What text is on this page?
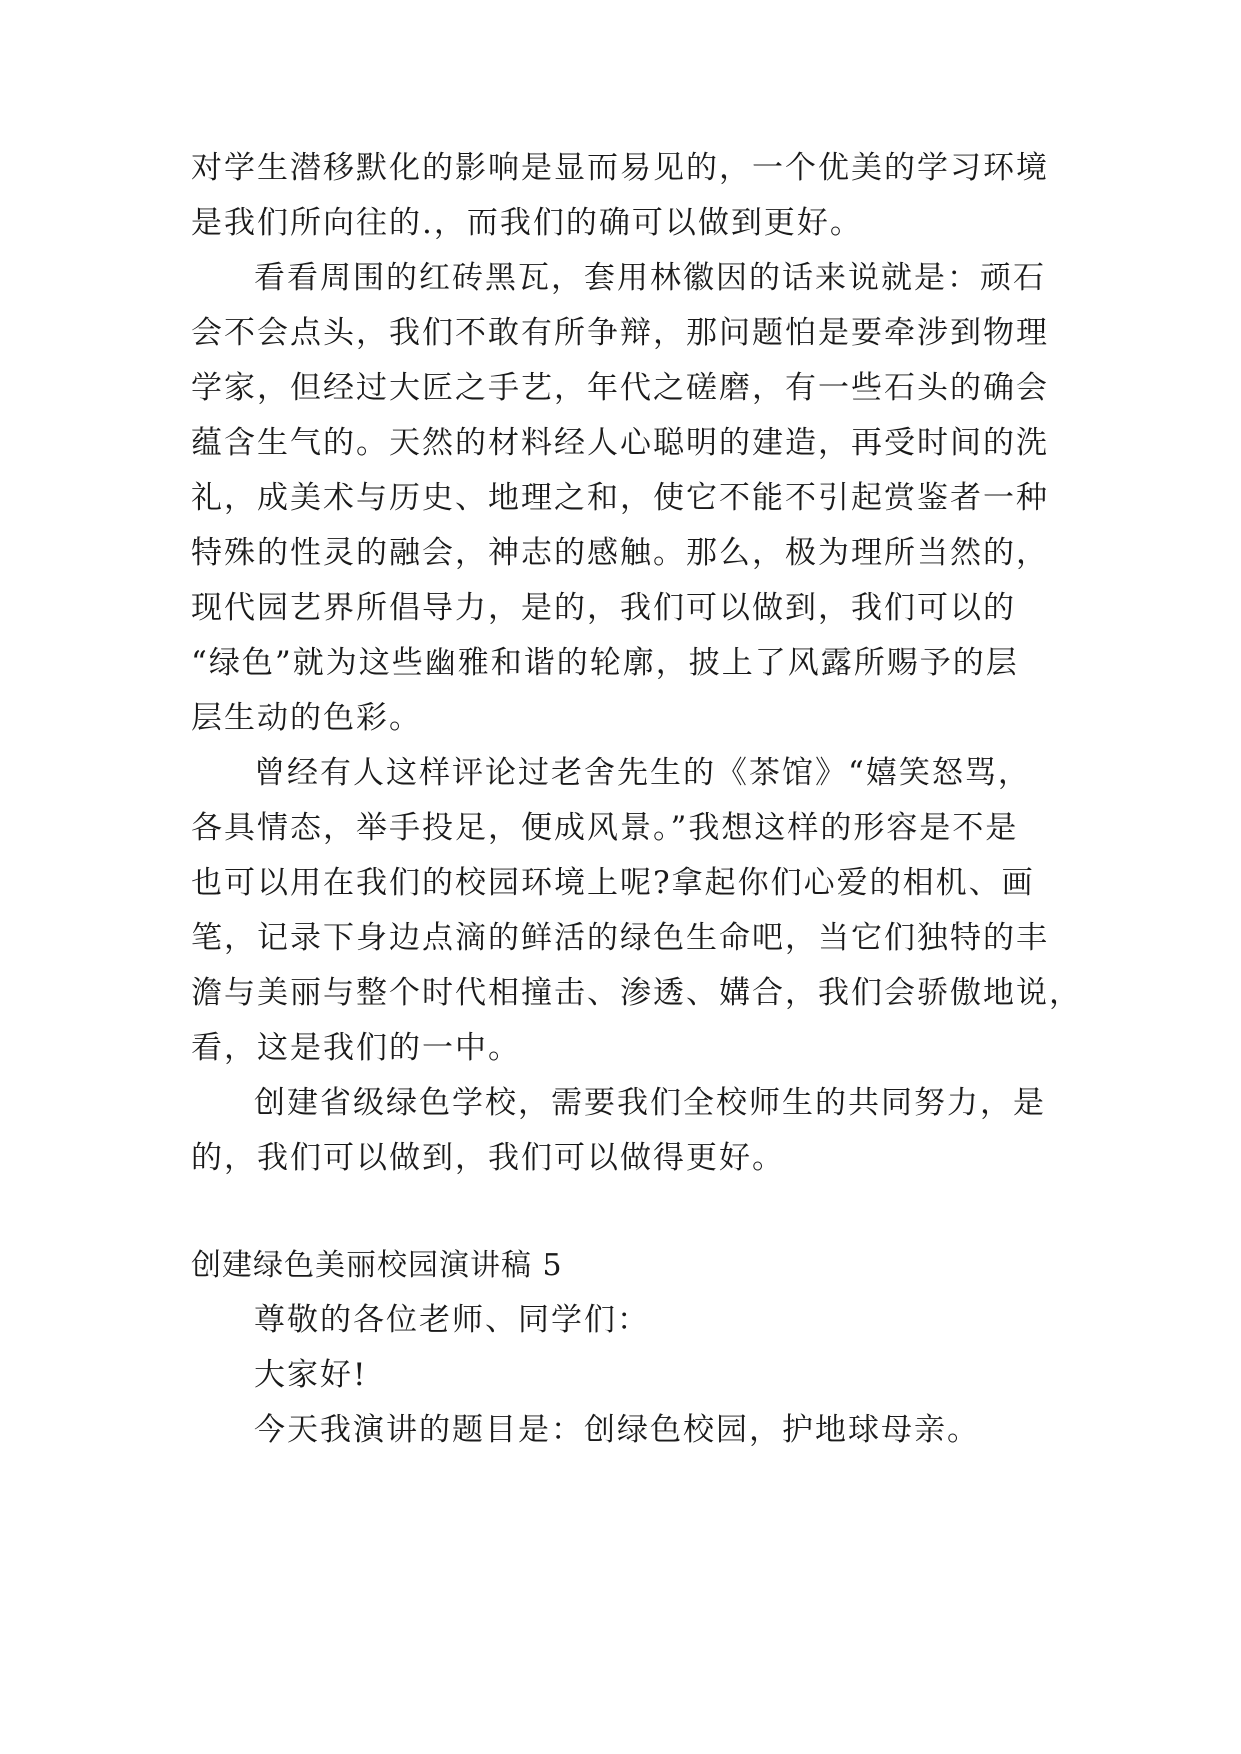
对学生潜移默化的影响是显而易见的，一个优美的学习环境
是我们所向往的.，而我们的确可以做到更好。
看看周围的红砖黑瓦，套用林徽因的话来说就是：顽石
会不会点头，我们不敢有所争辩，那问题怕是要牵涉到物理
学家，但经过大匠之手艺，年代之磋磨，有一些石头的确会
蕴含生气的。天然的材料经人心聪明的建造，再受时间的洗
礼，成美术与历史、地理之和，使它不能不引起赏鉴者一种
特殊的性灵的融会，神志的感触。那么，极为理所当然的，
现代园艺界所倡导力，是的，我们可以做到，我们可以的
“绿色”就为这些幽雅和谐的轮廓，披上了风露所赐予的层
层生动的色彩。
曾经有人这样评论过老舍先生的《茶馆》“嬉笑怒骂，
各具情态，举手投足，便成风景。”我想这样的形容是不是
也可以用在我们的校园环境上呢?拿起你们心爱的相机、画
笔，记录下身边点滴的鲜活的绿色生命吧，当它们独特的丰
澹与美丽与整个时代相撞击、渗透、媾合，我们会骄傲地说，
看，这是我们的一中。
创建省级绿色学校，需要我们全校师生的共同努力，是
的，我们可以做到，我们可以做得更好。
创建绿色美丽校园演讲稿 5
尊敬的各位老师、同学们：
大家好!
今天我演讲的题目是：创绿色校园，护地球母亲。
